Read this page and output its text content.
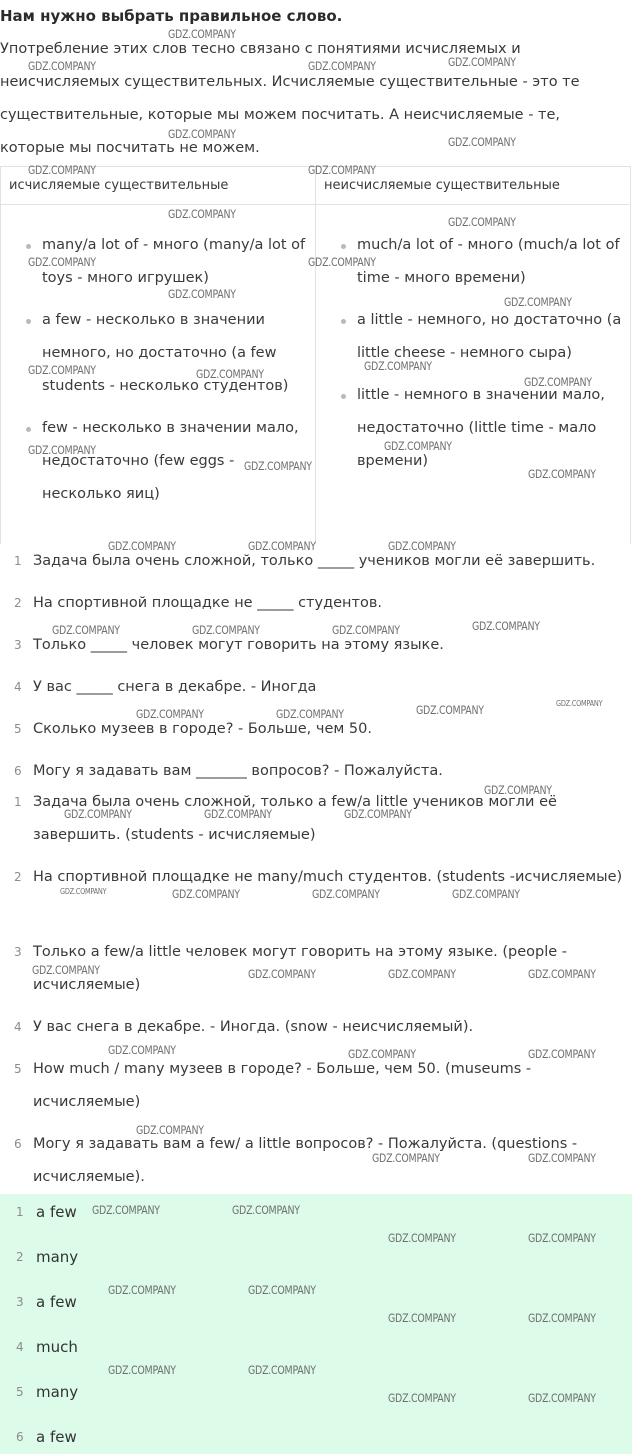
Нам нужно выбрать правильное слово.

Употребление этих слов тесно связано с понятиями исчисляемых и неисчисляемых существительных. Исчисляемые существительные - это те существительные, которые мы можем посчитать. А неисчисляемые - те, которые мы посчитать не можем.

исчисляемые существительные
many/a lot of - много (many/a lot of toys - много игрушек)
a few - несколько в значении немного, но достаточно (a few students - несколько студентов)
few - несколько в значении мало, недостаточно (few eggs - несколько яиц)
неисчисляемые существительные
much/a lot of - много (much/a lot of time - много времени)
a little - немного, но достаточно (a little cheese - немного сыра)
little - немного в значении мало, недостаточно (little time - мало времени)
1 Задача была очень сложной, только _____ учеников могли её завершить.
2 На спортивной площадке не _____ студентов.
3 Только _____ человек могут говорить на этому языке.
4 У вас _____ снега в декабре. - Иногда
5 Сколько музеев в городе? - Больше, чем 50.
6 Могу я задавать вам _______ вопросов? - Пожалуйста.
1 Задача была очень сложной, только a few/a little учеников могли её завершить. (students - исчисляемые)
2 На спортивной площадке не many/much студентов. (students -исчисляемые)
3 Только a few/a little человек могут говорить на этому языке. (people - исчисляемые)
4 У вас снега в декабре. - Иногда. (snow - неисчисляемый).
5 How much / many музеев в городе? - Больше, чем 50. (museums - исчисляемые)
6 Могу я задавать вам a few/ a little вопросов? - Пожалуйста. (questions - исчисляемые).
1 a few
2 many
3 a few
4 much
5 many
6 a few
GDZ.COMPANY
GDZ.COMPANY	GDZ.COMPANY	GDZ.COMPANY
GDZ.COMPANY
GDZ.COMPANY
GDZ.COMPANY	GDZ.COMPANY
GDZ.COMPANY
GDZ.COMPANY
GDZ.COMPANY	GDZ.COMPANY
GDZ.COMPANY
GDZ.COMPANY
GDZ.COMPANY
GDZ.COMPANY	GDZ.COMPANY
GDZ.COMPANY
GDZ.COMPANY
GDZ.COMPANY
GDZ.COMPANY
GDZ.COMPANY
GDZ.COMPANY	GDZ.COMPANY	GDZ.COMPANY
GDZ.COMPANY	GDZ.COMPANY	GDZ.COMPANY	GDZ.COMPANY
GDZ.COMPANY	GDZ.COMPANY	GDZ.COMPANY
GDZ.COMPANY
GDZ.COMPANY	GDZ.COMPANY	GDZ.COMPANY
GDZ.COMPANY	GDZ.COMPANY	GDZ.COMPANY
GDZ.COMPANY	GDZ.COMPANY	GDZ.COMPANY	GDZ.COMPANY
GDZ.COMPANY	GDZ.COMPANY	GDZ.COMPANY
GDZ.COMPANY
GDZ.COMPANY	GDZ.COMPANY
GDZ.COMPANY	GDZ.COMPANY
GDZ.COMPANY	GDZ.COMPANY
GDZ.COMPANY	GDZ.COMPANY
GDZ.COMPANY	GDZ.COMPANY
GDZ.COMPANY	GDZ.COMPANY
GDZ.COMPANY	GDZ.COMPANY
GDZ.COMPANY
GDZ.COMPANY
